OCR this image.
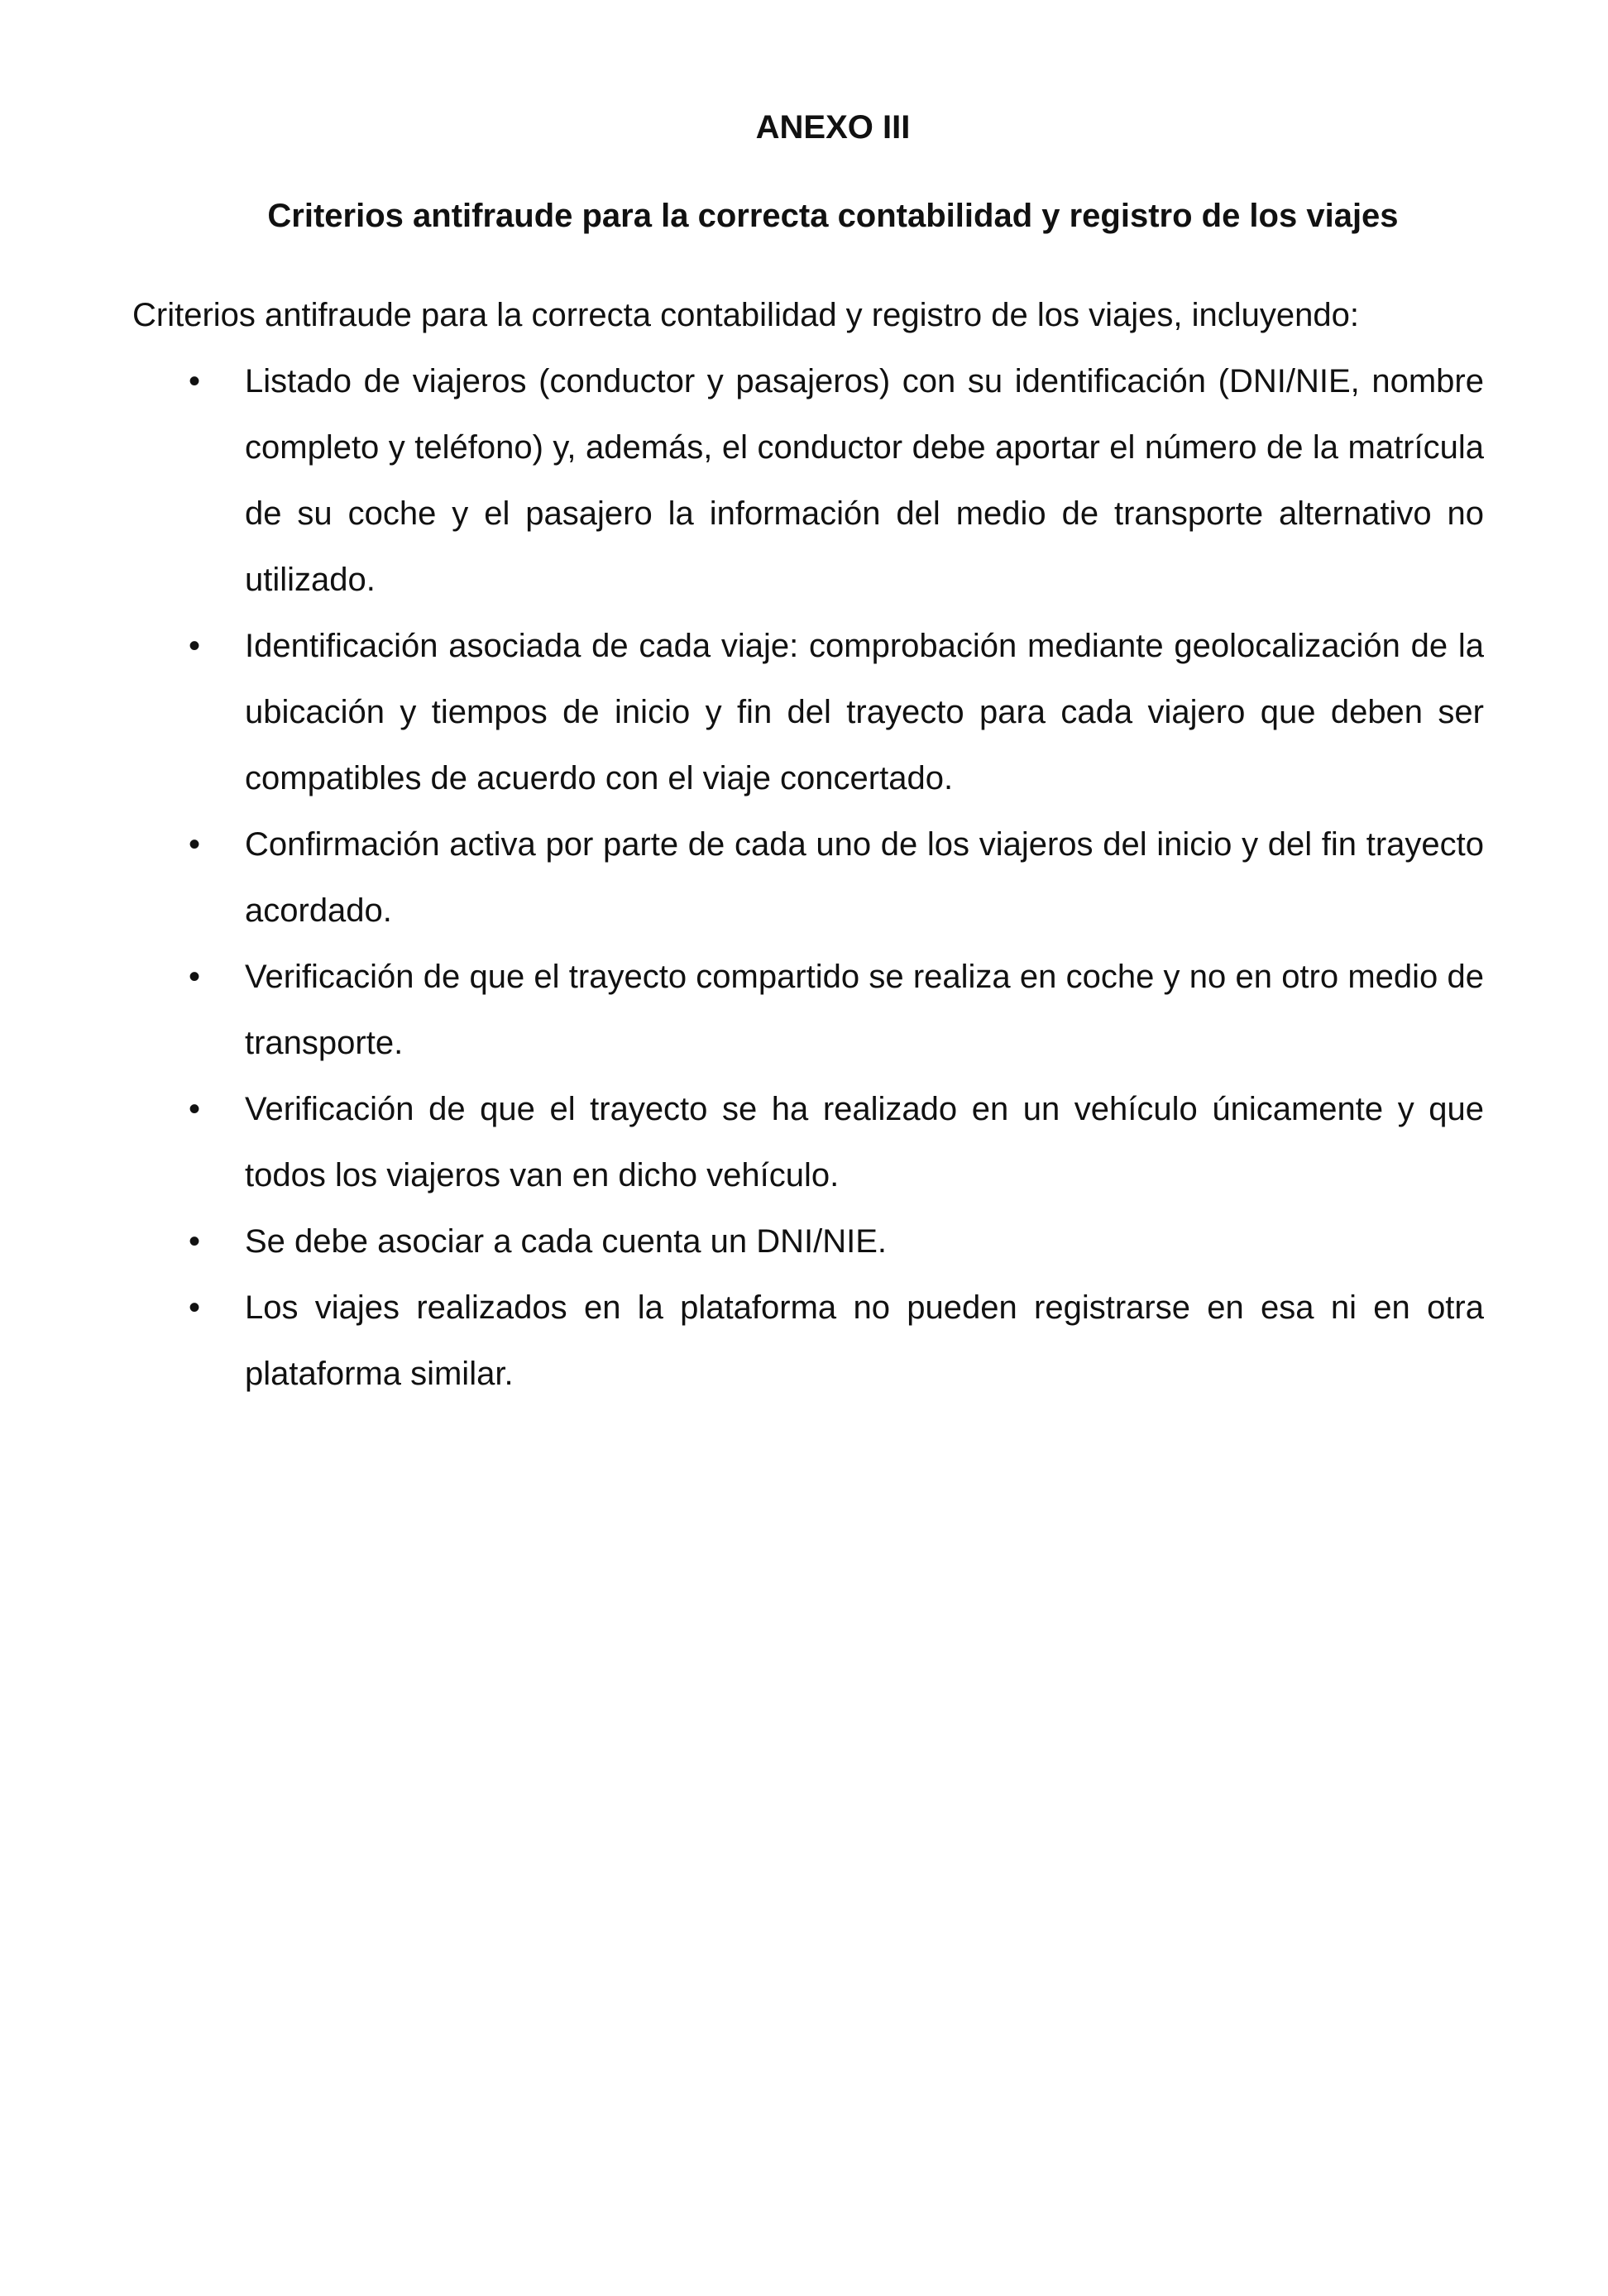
ANEXO III
Criterios antifraude para la correcta contabilidad y registro de los viajes

Criterios antifraude para la correcta contabilidad y registro de los viajes, incluyendo:

• Listado de viajeros (conductor y pasajeros) con su identificación (DNI/NIE, nombre completo y teléfono) y, además, el conductor debe aportar el número de la matrícula de su coche y el pasajero la información del medio de transporte alternativo no utilizado.
• Identificación asociada de cada viaje: comprobación mediante geolocalización de la ubicación y tiempos de inicio y fin del trayecto para cada viajero que deben ser compatibles de acuerdo con el viaje concertado.
• Confirmación activa por parte de cada uno de los viajeros del inicio y del fin trayecto acordado.
• Verificación de que el trayecto compartido se realiza en coche y no en otro medio de transporte.
• Verificación de que el trayecto se ha realizado en un vehículo únicamente y que todos los viajeros van en dicho vehículo.
• Se debe asociar a cada cuenta un DNI/NIE.
• Los viajes realizados en la plataforma no pueden registrarse en esa ni en otra plataforma similar.
